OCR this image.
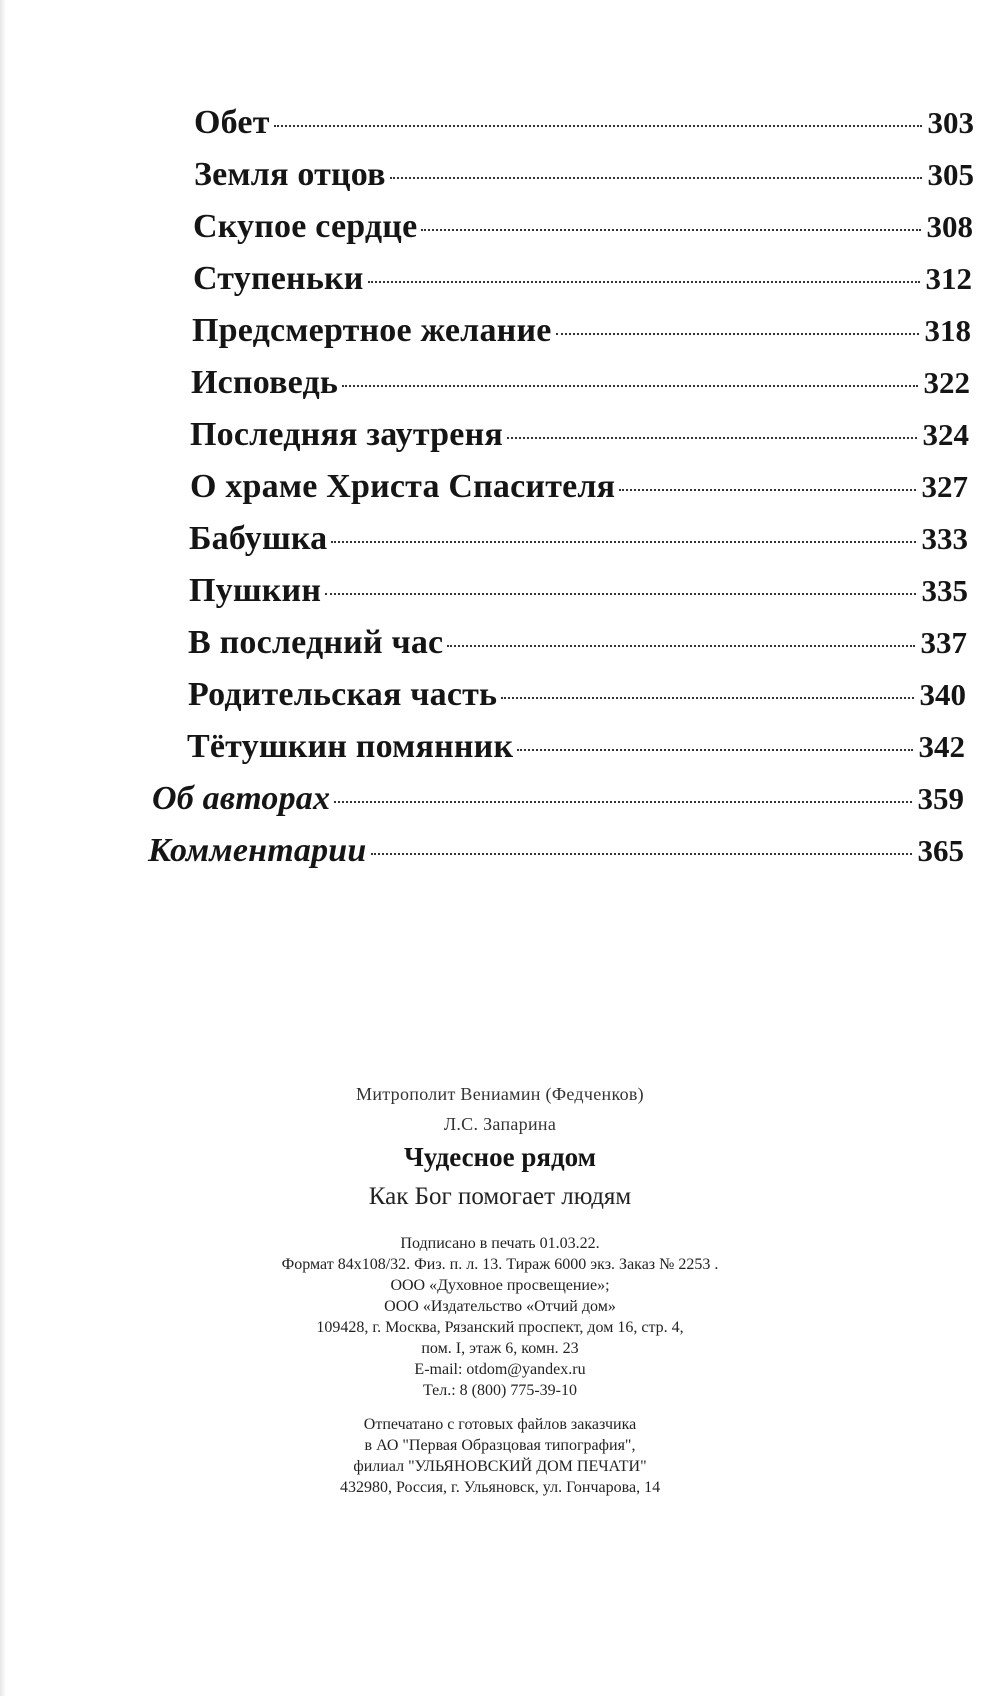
Обет	303
Земля отцов	305
Скупое сердце	308
Ступеньки	312
Предсмертное желание	318
Исповедь	322
Последняя заутреня	324
О храме Христа Спасителя	327
Бабушка	333
Пушкин	335
В последний час	337
Родительская часть	340
Тётушкин помянник	342
Об авторах	359
Комментарии	365
Митрополит Вениамин (Федченков)
Л.С. Запарина
Чудесное рядом
Как Бог помогает людям
Подписано в печать 01.03.22.
Формат 84x108/32. Физ. п. л. 13. Тираж 6000 экз. Заказ № 2253 .
ООО «Духовное просвещение»;
ООО «Издательство «Отчий дом»
109428, г. Москва, Рязанский проспект, дом 16, стр. 4,
пом. I, этаж 6, комн. 23
E-mail: otdom@yandex.ru
Тел.: 8 (800) 775-39-10
Отпечатано с готовых файлов заказчика
в АО "Первая Образцовая типография",
филиал "УЛЬЯНОВСКИЙ ДОМ ПЕЧАТИ"
432980, Россия, г. Ульяновск, ул. Гончарова, 14
